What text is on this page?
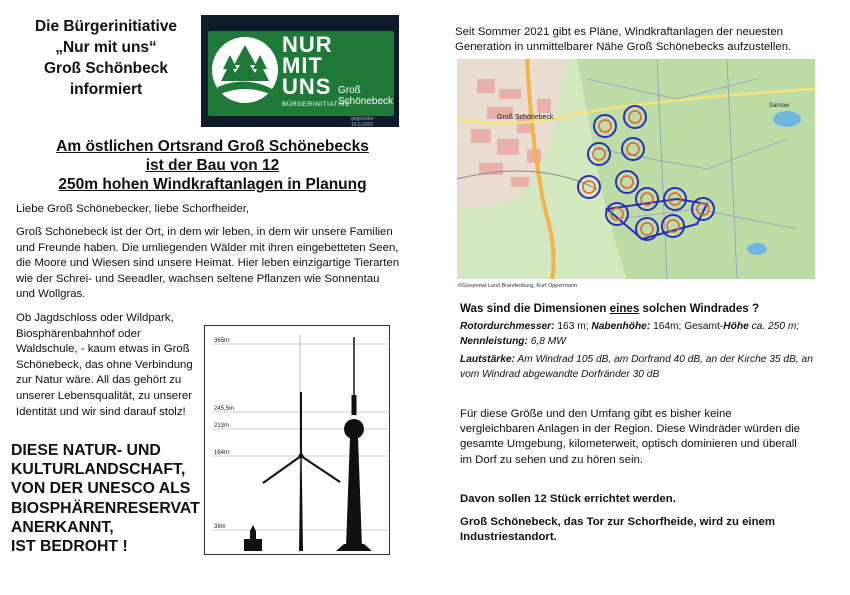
Die Bürgerinitiative
„Nur mit uns“
Groß Schönbeck
informiert
NUR
MIT
UNS Groß
Schönebeck
BÜRGERINITIATIVE
gegründet · 15.6.2020
Am östlichen Ortsrand Groß Schönebecks
ist der Bau von 12
250m hohen Windkraftanlagen in Planung
Liebe Groß Schönebecker, liebe Schorfheider,
Groß Schönebeck ist der Ort, in dem wir leben, in dem wir unsere Familien und Freunde haben. Die umliegenden Wälder mit ihren eingebetteten Seen, die Moore und Wiesen sind unsere Heimat. Hier leben einzigartige Tierarten wie der Schrei- und Seeadler, wachsen seltene Pflanzen wie Sonnentau und Wollgras.
Ob Jagdschloss oder Wildpark, Biosphärenbahnhof oder Waldschule, - kaum etwas in Groß Schönebeck, das ohne Verbindung zur Natur wäre. All das gehört zu unserer Lebensqualität, zu unserer Identität und wir sind darauf stolz!
DIESE NATUR- UND
KULTURLANDSCHAFT,
VON DER UNESCO ALS
BIOSPHÄRENRESERVAT
ANERKANNT,
IST BEDROHT !
365m
245,5m
213m
164m
38m
Seit Sommer 2021 gibt es Pläne, Windkraftanlagen der neuesten Generation in unmittelbarer Nähe Groß Schönebecks aufzustellen.
Groß Schönebeck
Sarnow
©Geoportal Land Brandenburg, Kurt Oppermann
Was sind die Dimensionen eines solchen Windrades ?
Rotordurchmesser: 163 m; Nabenhöhe: 164m; Gesamt-Höhe ca. 250 m;
Nennleistung: 6,8 MW
Lautstärke: Am Windrad 105 dB, am Dorfrand 40 dB, an der Kirche 35 dB, an vom Windrad abgewandte Dorfränder 30 dB
Für diese Größe und den Umfang gibt es bisher keine vergleichbaren Anlagen in der Region. Diese Windräder würden die gesamte Umgebung, kilometerweit, optisch dominieren und überall im Dorf zu sehen und zu hören sein.
Davon sollen 12 Stück errichtet werden.
Groß Schönebeck, das Tor zur Schorfheide, wird zu einem Industriestandort.
